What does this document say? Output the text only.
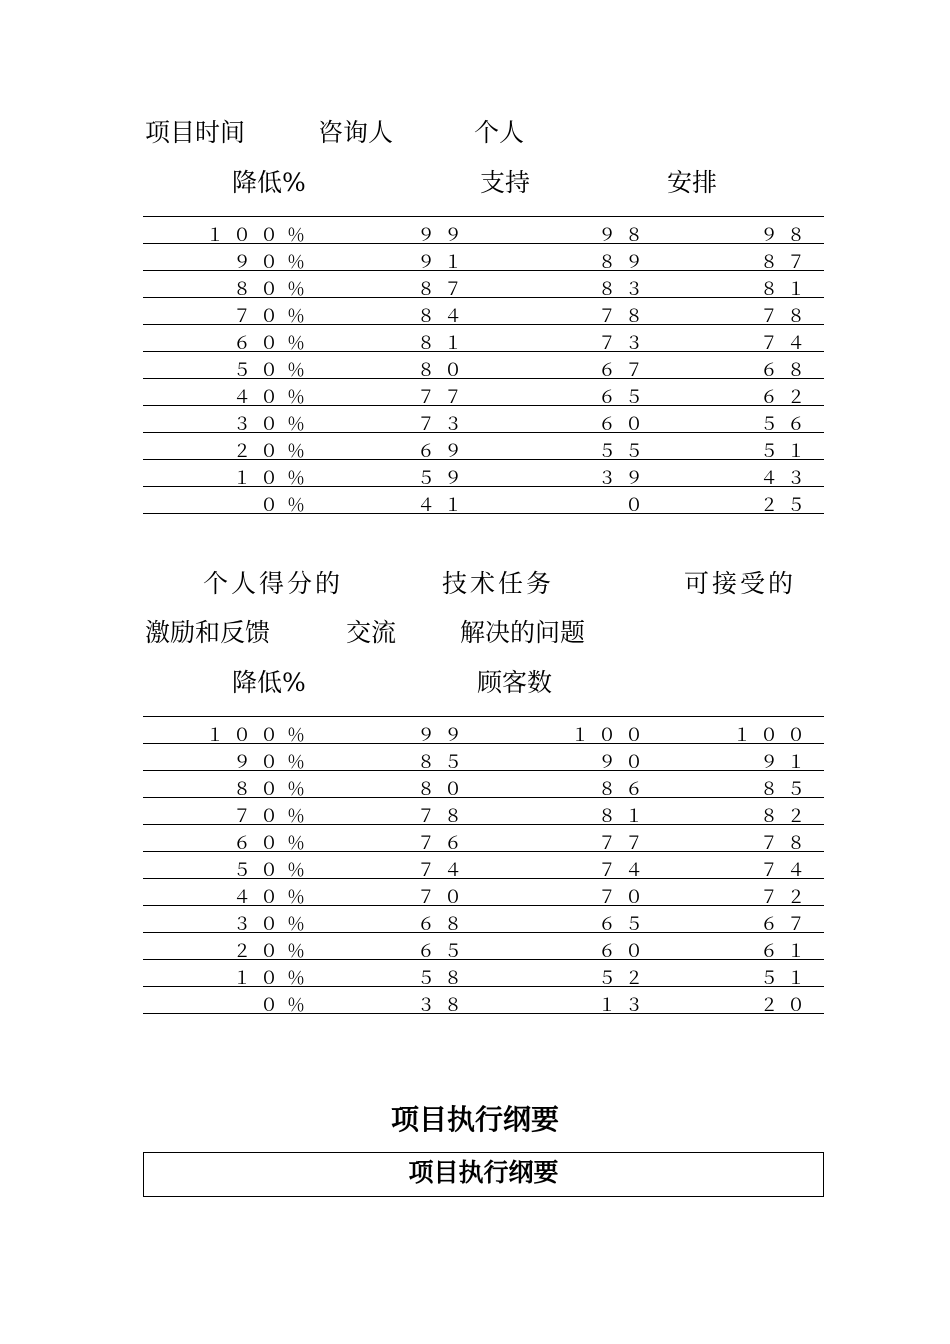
项目时间	咨询人	个人
降低%	支持	安排
１００％	９９	９８	９８
９０％	９１	８９	８７
８０％	８７	８３	８１
７０％	８４	７８	７８
６０％	８１	７３	７４
５０％	８０	６７	６８
４０％	７７	６５	６２
３０％	７３	６０	５６
２０％	６９	５５	５１
１０％	５９	３９	４３
０％	４１	０	２５
个人得分的	技术任务	可接受的
激励和反馈	交流	解决的问题
降低%	顾客数
１００％	９９	１００	１００
９０％	８５	９０	９１
８０％	８０	８６	８５
７０％	７８	８１	８２
６０％	７６	７７	７８
５０％	７４	７４	７４
４０％	７０	７０	７２
３０％	６８	６５	６７
２０％	６５	６０	６１
１０％	５８	５２	５１
０％	３８	１３	２０
项目执行纲要
项目执行纲要
